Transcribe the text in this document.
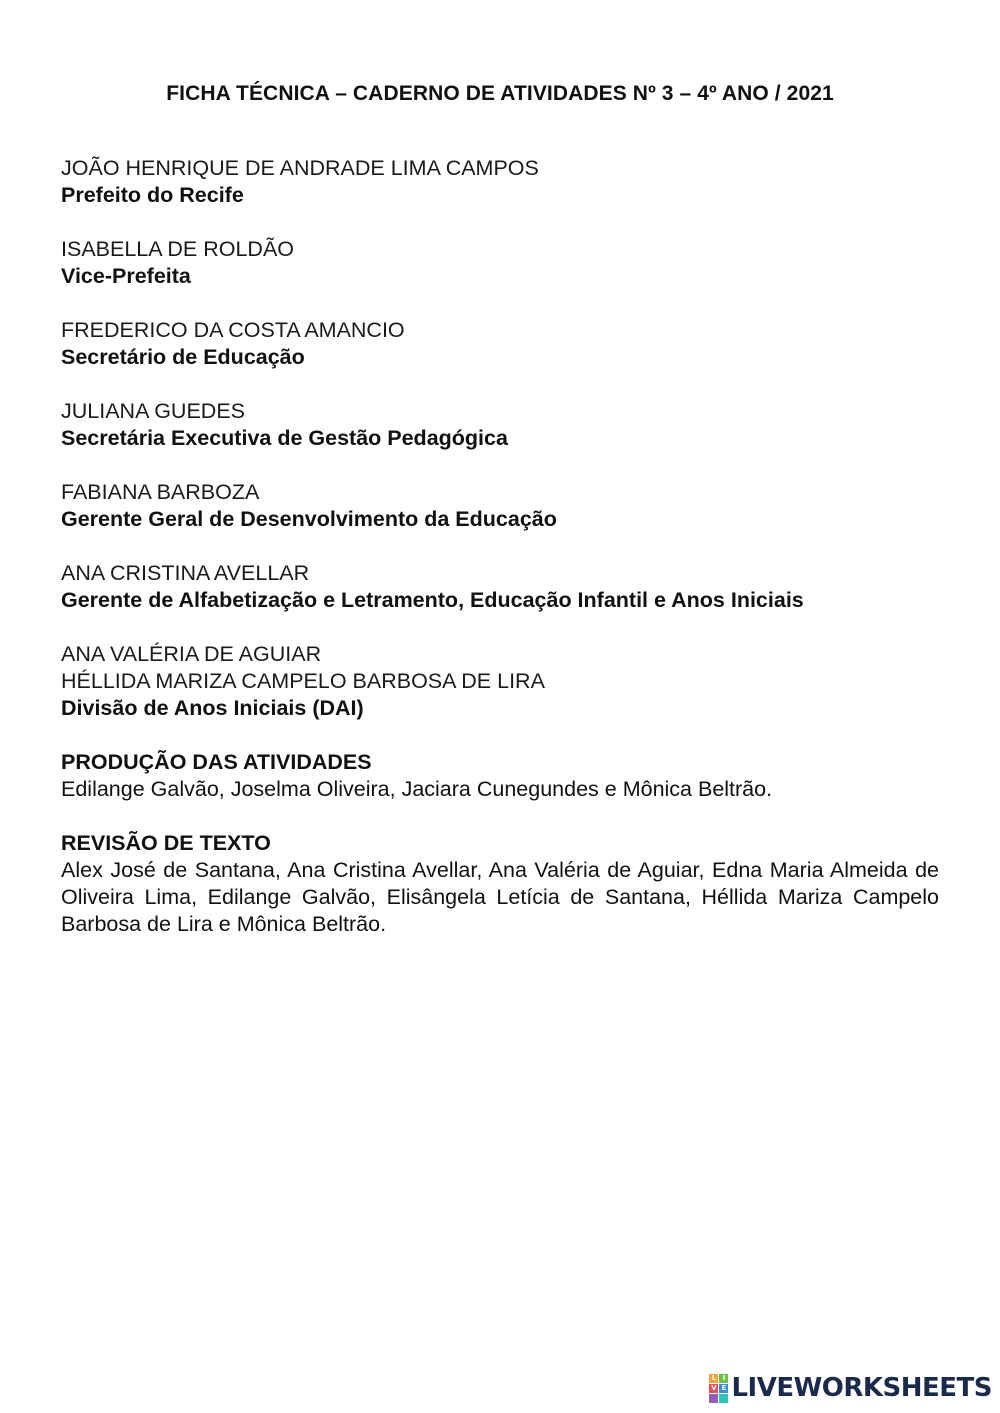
FICHA TÉCNICA – CADERNO DE ATIVIDADES Nº 3 – 4º ANO / 2021
JOÃO HENRIQUE DE ANDRADE LIMA CAMPOS
Prefeito do Recife
ISABELLA DE ROLDÃO
Vice-Prefeita
FREDERICO DA COSTA AMANCIO
Secretário de Educação
JULIANA GUEDES
Secretária Executiva de Gestão Pedagógica
FABIANA BARBOZA
Gerente Geral de Desenvolvimento da Educação
ANA CRISTINA AVELLAR
Gerente de Alfabetização e Letramento, Educação Infantil e Anos Iniciais
ANA VALÉRIA DE AGUIAR
HÉLLIDA MARIZA CAMPELO BARBOSA DE LIRA
Divisão de Anos Iniciais (DAI)
PRODUÇÃO DAS ATIVIDADES
Edilange Galvão, Joselma Oliveira, Jaciara Cunegundes e Mônica Beltrão.
REVISÃO DE TEXTO
Alex José de Santana, Ana Cristina Avellar, Ana Valéria de Aguiar, Edna Maria Almeida de Oliveira Lima, Edilange Galvão, Elisângela Letícia de Santana, Héllida Mariza Campelo Barbosa de Lira e Mônica Beltrão.
L I
V E LIVEWORKSHEETS
